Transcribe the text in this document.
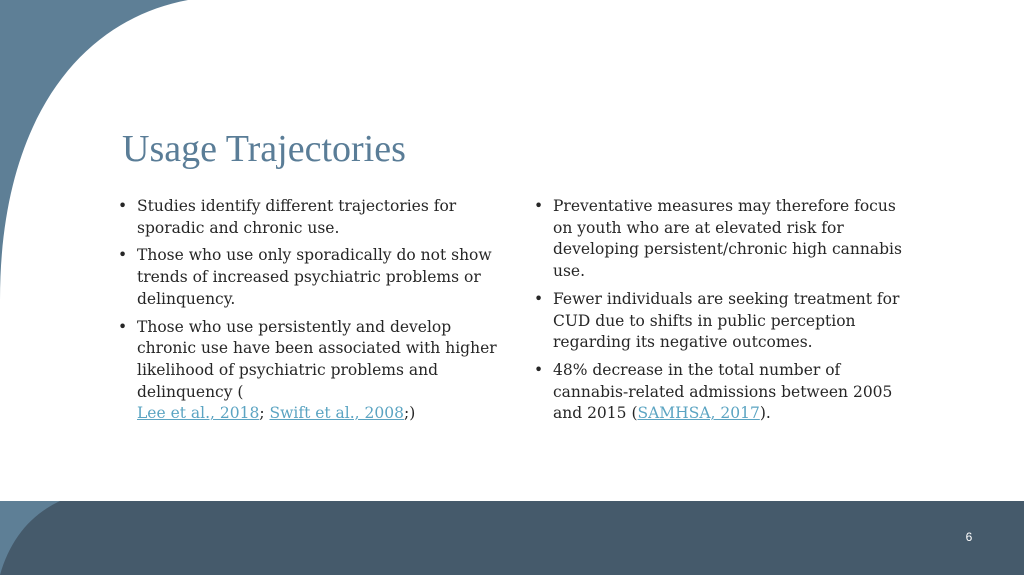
Usage Trajectories
• Studies identify different trajectories for sporadic and chronic use.
• Those who use only sporadically do not show trends of increased psychiatric problems or delinquency.
• Those who use persistently and develop chronic use have been associated with higher likelihood of psychiatric problems and delinquency (
Lee et al., 2018; Swift et al., 2008;)
• Preventative measures may therefore focus on youth who are at elevated risk for developing persistent/chronic high cannabis use.
• Fewer individuals are seeking treatment for CUD due to shifts in public perception regarding its negative outcomes.
• 48% decrease in the total number of cannabis-related admissions between 2005 and 2015 (SAMHSA, 2017).
6
